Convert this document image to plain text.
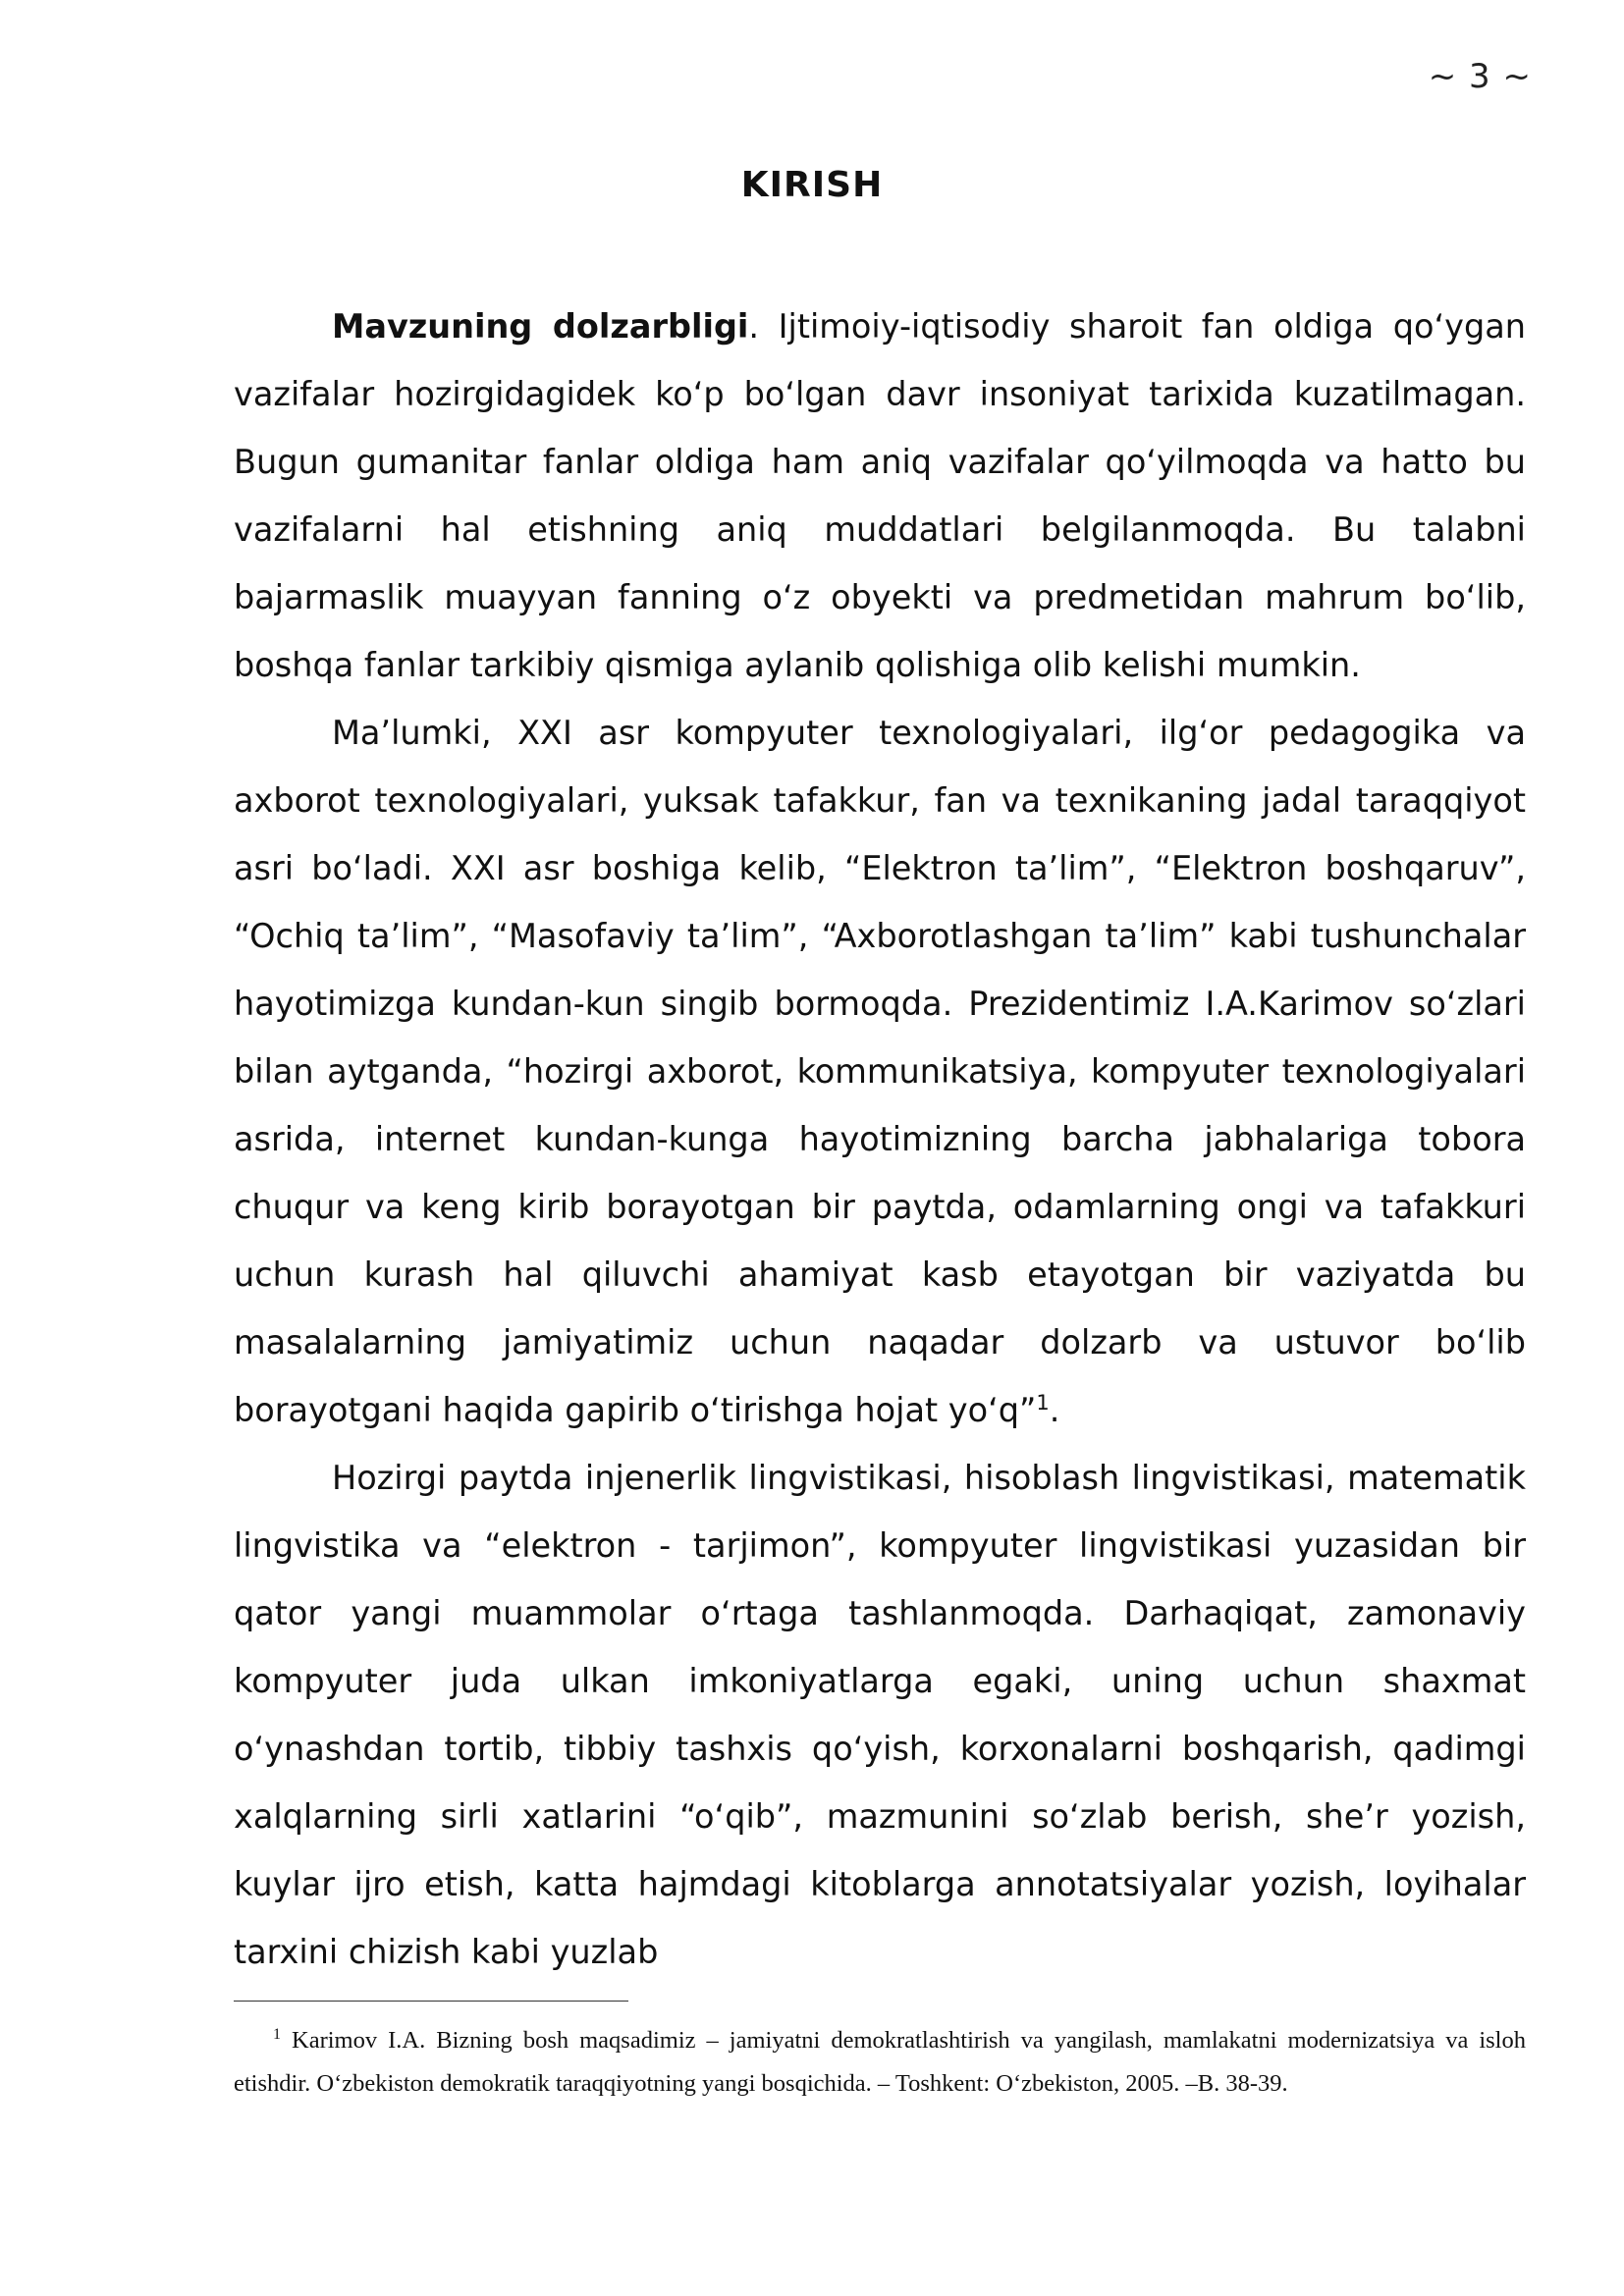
~ 3 ~
KIRISH

Mavzuning dolzarbligi. Ijtimoiy-iqtisodiy sharoit fan oldiga qo‘ygan vazifalar hozirgidagidek ko‘p bo‘lgan davr insoniyat tarixida kuzatilmagan. Bugun gumanitar fanlar oldiga ham aniq vazifalar qo‘yilmoqda va hatto bu vazifalarni hal etishning aniq muddatlari belgilanmoqda. Bu talabni bajarmaslik muayyan fanning o‘z obyekti va predmetidan mahrum bo‘lib, boshqa fanlar tarkibiy qismiga aylanib qolishiga olib kelishi mumkin.

Ma’lumki, XXI asr kompyuter texnologiyalari, ilg‘or pedagogika va axborot texnologiyalari, yuksak tafakkur, fan va texnikaning jadal taraqqiyot asri bo‘ladi. XXI asr boshiga kelib, “Elektron ta’lim”, “Elektron boshqaruv”, “Ochiq ta’lim”, “Masofaviy ta’lim”, “Axborotlashgan ta’lim” kabi tushunchalar hayotimizga kundan-kun singib bormoqda. Prezidentimiz I.A.Karimov so‘zlari bilan aytganda, “hozirgi axborot, kommunikatsiya, kompyuter texnologiyalari asrida, internet kundan-kunga hayotimizning barcha jabhalariga tobora chuqur va keng kirib borayotgan bir paytda, odamlarning ongi va tafakkuri uchun kurash hal qiluvchi ahamiyat kasb etayotgan bir vaziyatda bu masalalarning jamiyatimiz uchun naqadar dolzarb va ustuvor bo‘lib borayotgani haqida gapirib o‘tirishga hojat yo‘q”$^1$.

Hozirgi paytda injenerlik lingvistikasi, hisoblash lingvistikasi, matematik lingvistika va “elektron - tarjimon”, kompyuter lingvistikasi yuzasidan bir qator yangi muammolar o‘rtaga tashlanmoqda. Darhaqiqat, zamonaviy kompyuter juda ulkan imkoniyatlarga egaki, uning uchun shaxmat o‘ynashdan tortib, tibbiy tashxis qo‘yish, korxonalarni boshqarish, qadimgi xalqlarning sirli xatlarini “o‘qib”, mazmunini so‘zlab berish, she’r yozish, kuylar ijro etish, katta hajmdagi kitoblarga annotatsiyalar yozish, loyihalar tarxini chizish kabi yuzlab

$^1$ Karimov I.A. Bizning bosh maqsadimiz – jamiyatni demokratlashtirish va yangilash, mamlakatni modernizatsiya va isloh etishdir. O‘zbekiston demokratik taraqqiyotning yangi bosqichida. – Toshkent: O‘zbekiston, 2005. –B. 38-39.
